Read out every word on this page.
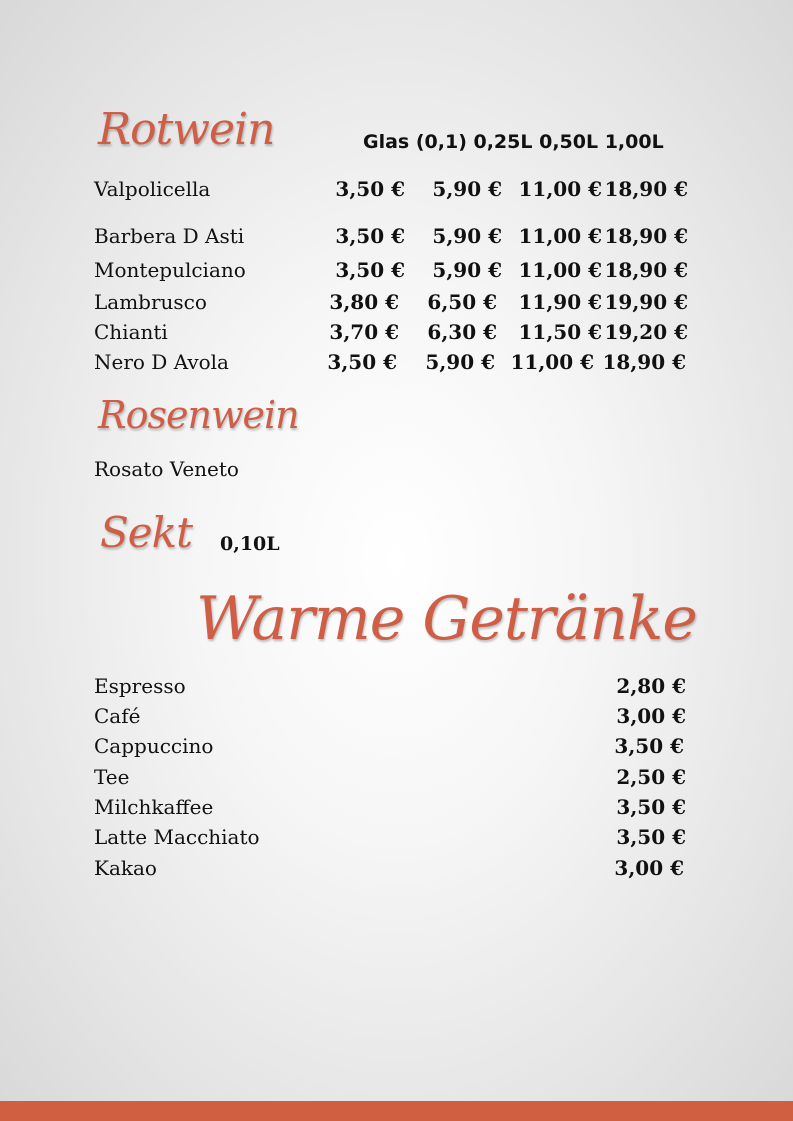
Rotwein	Glas (0,1) 0,25L 0,50L 1,00L
Valpolicella	3,50 € 5,90 € 11,00 € 18,90 €
Barbera D Asti	3,50 € 5,90 € 11,00 € 18,90 €
Montepulciano	3,50 € 5,90 € 11,00 € 18,90 €
Lambrusco	3,80 € 6,50 € 11,90 € 19,90 €
Chianti	3,70 € 6,30 € 11,50 € 19,20 €
Nero D Avola	3,50 € 5,90 € 11,00 € 18,90 €
Rosenwein
Rosato Veneto
Sekt 0,10L
Warme Getränke
Espresso	2,80 €
Café	3,00 €
Cappuccino	3,50 €
Tee	2,50 €
Milchkaffee	3,50 €
Latte Macchiato	3,50 €
Kakao	3,00 €
